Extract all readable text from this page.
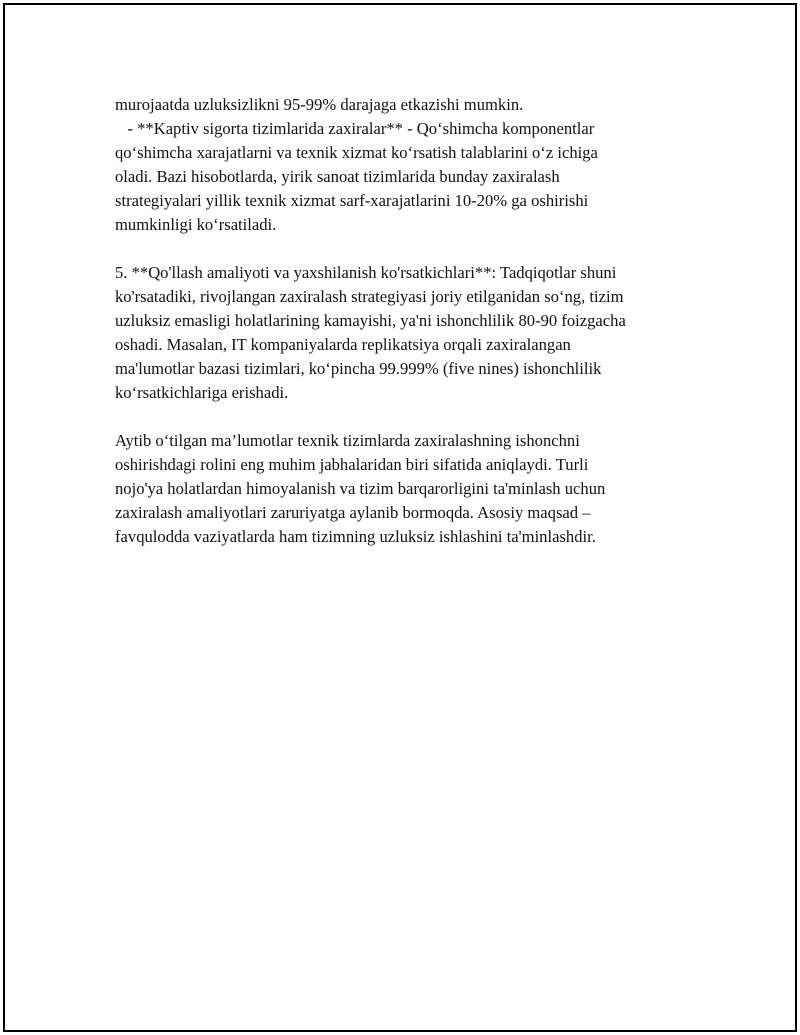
murojaatda uzluksizlikni 95-99% darajaga etkazishi mumkin.
- **Kaptiv sigorta tizimlarida zaxiralar** - Qo‘shimcha komponentlar
qo‘shimcha xarajatlarni va texnik xizmat ko‘rsatish talablarini o‘z ichiga
oladi. Bazi hisobotlarda, yirik sanoat tizimlarida bunday zaxiralash
strategiyalari yillik texnik xizmat sarf-xarajatlarini 10-20% ga oshirishi
mumkinligi ko‘rsatiladi.
5. **Qo'llash amaliyoti va yaxshilanish ko'rsatkichlari**: Tadqiqotlar shuni
ko'rsatadiki, rivojlangan zaxiralash strategiyasi joriy etilganidan so‘ng, tizim
uzluksiz emasligi holatlarining kamayishi, ya'ni ishonchlilik 80-90 foizgacha
oshadi. Masalan, IT kompaniyalarda replikatsiya orqali zaxiralangan
ma'lumotlar bazasi tizimlari, ko‘pincha 99.999% (five nines) ishonchlilik
ko‘rsatkichlariga erishadi.
Aytib o‘tilgan ma’lumotlar texnik tizimlarda zaxiralashning ishonchni
oshirishdagi rolini eng muhim jabhalaridan biri sifatida aniqlaydi. Turli
nojo'ya holatlardan himoyalanish va tizim barqarorligini ta'minlash uchun
zaxiralash amaliyotlari zaruriyatga aylanib bormoqda. Asosiy maqsad –
favqulodda vaziyatlarda ham tizimning uzluksiz ishlashini ta'minlashdir.
